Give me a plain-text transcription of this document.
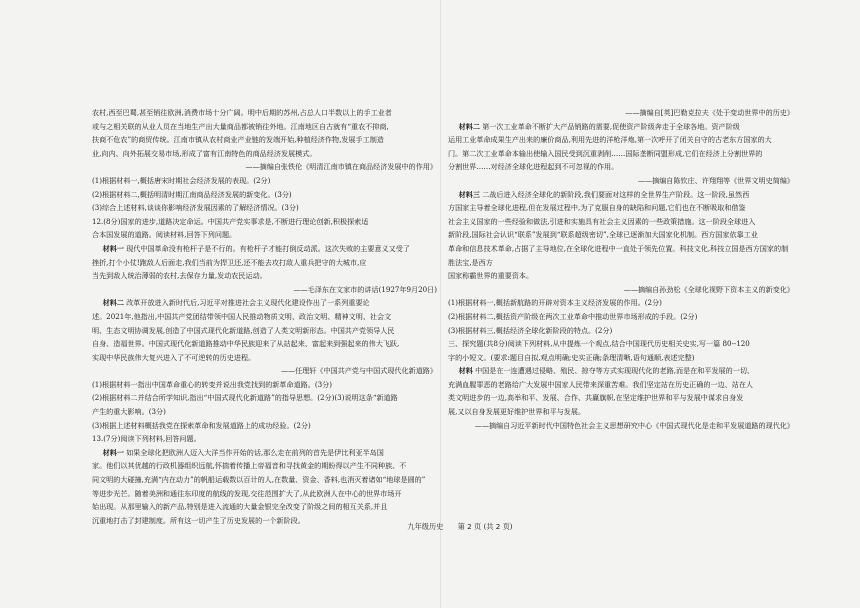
农村,西至巴蜀,甚至销往欧洲,消费市场十分广阔。明中后期的苏州,占总人口半数以上的手工业者

或与之相关联的从业人员在当地生产出大量商品都被销往外地。江南地区自古就有“重农不抑商,

扶商不危农”的商贸传统。江南市镇从农村商业产业链的发端开始,种植经济作物,发展手工制造

业,向内、向外拓展交易市场,形成了富有江南特色的商品经济发展模式。

——摘编自张铁伦《明清江南市镇在商品经济发展中的作用》

(1)根据材料一,概括唐宋时期社会经济发展的表现。(2分)

(2)根据材料二,概括明清时期江南商品经济发展的新变化。(3分)

(3)综合上述材料,谈谈你影响经济发展因素的了解经济情况。(3分)

12.(8分)国家的进步,道路决定命运。中国共产党实事求是,不断进行理论创新,积极探索适

合本国发展的道路。阅读材料,回答下列问题。

材料一 现代中国革命没有枪杆子是不行的。有枪杆子才能打倒反动派。这次失败的主要意义又受了

挫折,打个小仗!跑敌人后面走,我们当前为捍卫还,还不能去攻打敌人重兵把守的大城市,应

当先到敌人统治薄弱的农村,去保存力量,发动农民运动。

——毛泽东在文家市的讲话(1927年9月20日)

材料二 改革开放进入新时代后,习近平对推进社会主义现代化建设作出了一系列重要论

述。2021年,他指出,中国共产党团结带领中国人民推动物质文明、政治文明、精神文明、社会文

明、生态文明协调发展,创造了中国式现代化新道路,创造了人类文明新形态。中国共产党领导人民

自身、造福世界。中国式现代化新道路推动中华民族迎来了从站起来、富起来到强起来的伟大飞跃,

实现中华民族伟大复兴进入了不可逆转的历史进程。

——任理轩《中国共产党与中国式现代化新道路》

(1)根据材料一指出中国革命重心的转变并说出我党找到的新革命道路。(3分)

(2)根据材料二并结合所学知识,指出“中国式现代化新道路”的指导思想。(2分)(3)说明这条“新道路

产生的重大影响。(3分)

(3)根据上述材料概括我党在探索革命和发展道路上的成功经验。(2分)

13.(7分)阅读下列材料,回答问题。

材料一 如果全球化把欧洲人迈入大洋当作开始的话,那么走在前列的首先是伊比利亚半岛国

家。他们以其优越的行政机器组织远航,怀揣着传播上帝福音和寻找黄金的期盼得以产生不同种族、不

同文明的大碰撞,充满“内在动力”的帆船运载数以百计的人,在数量、资金、香料,也消灭着诸如“地球是圆的”

等进步光芒。随着美洲和通往东印度的航线的发现,交往范围扩大了,从此欧洲人在中心的世界市场开

始出现。从那里输入的新产品,特别是进入流通的大量金银完全改变了阶级之间的相互关系,并且

沉重地打击了封建制度。所有这一切产生了历史发展的一个新阶段。

——摘编自[英]巴勒克拉夫《处于变动世界中的历史》

材料二 第一次工业革命不断扩大产品销路的需要,促使资产阶级奔走于全球各地。资产阶级

运用工业革命成果生产出来的廉价商品,利用先进的洋枪洋炮,第一次呼开了闭关自守的古老东方国家的大

门。第二次工业革命本输出使输入国民受到沉重剥削……国际垄断同盟形成,它们在经济上分割世界的

分割世界……对经济全球化进程起到不可忽视的作用。

——摘编自陈钦庄、许翔翔等《世界文明史简编》

材料三 二战后进入经济全球化的新阶段,我们要面对这样的全世界生产阶段。这一阶段,虽然西

方国家主导着全球化进程,但在发展过程中,为了克服自身的缺陷和问题,它们也在不断吸取和借鉴

社会主义国家的一些经验和做法,引进和实施具有社会主义因素的一些政策措施。这一阶段全球进入

新阶段,国际社会认识“联系”发展到“联系超级密切”,全球已逐渐加大国家化机制。西方国家依靠工业

革命和信息技术革命,占据了主导地位,在全球化进程中一直处于领先位置。科技文化,科技立国是西方国家的制胜法宝,是西方

国家称霸世界的重要资本。

——摘编自孙劲松《全球化视野下资本主义的新变化》

(1)根据材料一,概括新航路的开辟对资本主义经济发展的作用。(2分)

(2)根据材料二,概括资产阶级在两次工业革命中推动世界市场形成的手段。(2分)

(3)根据材料三,概括经济全球化新阶段的特点。(2分)

三、探究题(共8分)阅读下列材料,从中提炼一个观点,结合中国现代历史相关史实,写一篇 80--120

字的小短文。(要求:题目自拟,观点明确;史实正确;条理清晰,语句通顺,表述完整)

材料 中国是在一连遭遇过侵略、殖民、掠夺等方式实现现代化的老路,而是在和平发展的一切、

充满血腥罪恶的老路给广大发展中国家人民带来深重苦难。我们坚定站在历史正确的一边、站在人

类文明进步的一边,高举和平、发展、合作、共赢旗帜,在坚定维护世界和平与发展中谋求自身发

展,又以自身发展更好维护世界和平与发展。

——摘编自习近平新时代中国特色社会主义思想研究中心《中国式现代化是走和平发展道路的现代化》

九年级历史 第 2 页 (共 2 页)
